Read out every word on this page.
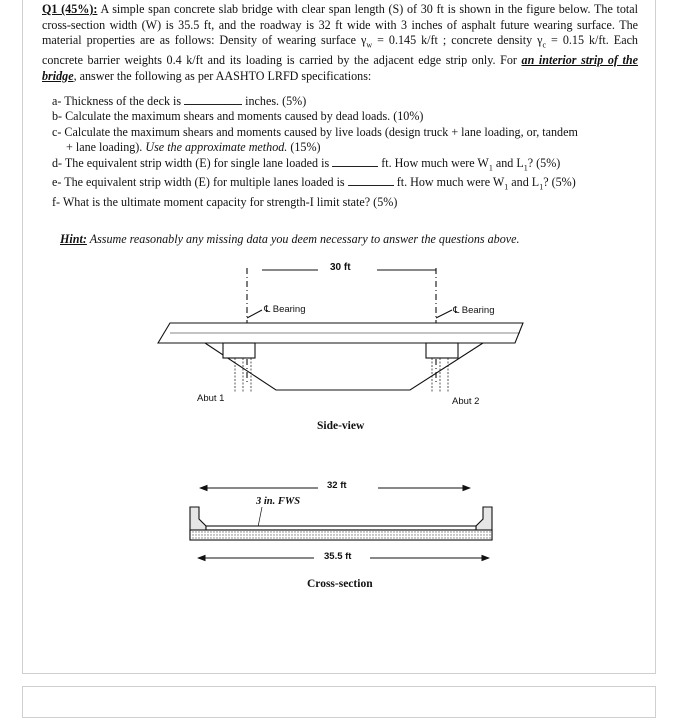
Q1 (45%): A simple span concrete slab bridge with clear span length (S) of 30 ft is shown in the figure below. The total cross-section width (W) is 35.5 ft, and the roadway is 32 ft wide with 3 inches of asphalt future wearing surface. The material properties are as follows: Density of wearing surface $\gamma_w = 0.145$ k/ft ; concrete density $\gamma_c = 0.15$ k/ft. Each concrete barrier weights 0.4 k/ft and its loading is carried by the adjacent edge strip only. For an interior strip of the bridge, answer the following as per AASHTO LRFD specifications:
a- Thickness of the deck is	inches. (5%)
b- Calculate the maximum shears and moments caused by dead loads. (10%)
c- Calculate the maximum shears and moments caused by live loads (design truck + lane loading, or, tandem
+ lane loading). Use the approximate method. (15%)
d- The equivalent strip width (E) for single lane loaded is	ft. How much were $W_1$ and $L_1$? (5%)
e- The equivalent strip width (E) for multiple lanes loaded is	ft. How much were $W_1$ and $L_1$? (5%)
f- What is the ultimate moment capacity for strength-I limit state? (5%)
Hint: Assume reasonably any missing data you deem necessary to answer the questions above.
30 ft
℄ Bearing	℄ Bearing
Abut 1	Abut 2
Side-view
32 ft
3 in. FWS
35.5 ft
Cross-section
